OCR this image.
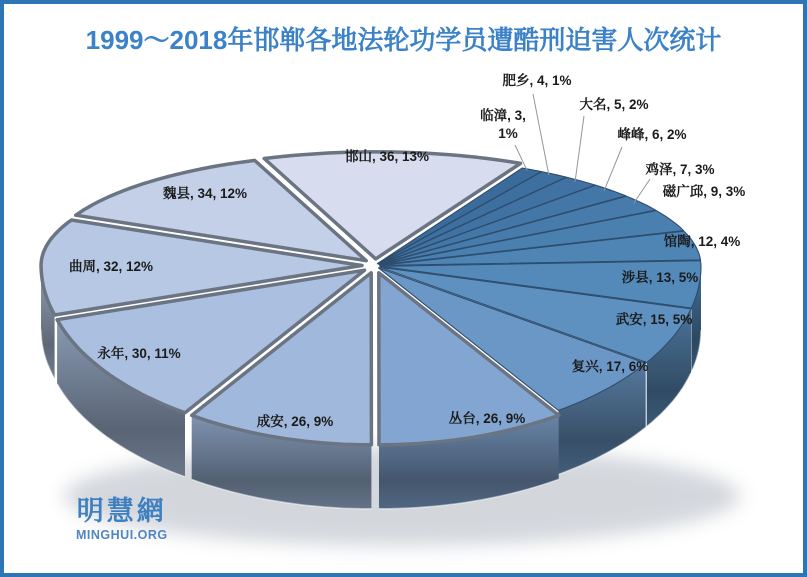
1999～2018年邯郸各地法轮功学员遭酷刑迫害人次统计
临漳, 3,
1%
肥乡, 4, 1%
大名, 5, 2%
峰峰, 6, 2%
鸡泽, 7, 3%
磁广邱, 9, 3%
馆陶, 12, 4%
涉县, 13, 5%
武安, 15, 5%
复兴, 17, 6%
丛台, 26, 9%
成安, 26, 9%
永年, 30, 11%
曲周, 32, 12%
魏县, 34, 12%
邯山, 36, 13%
明慧網
MINGHUI.ORG
